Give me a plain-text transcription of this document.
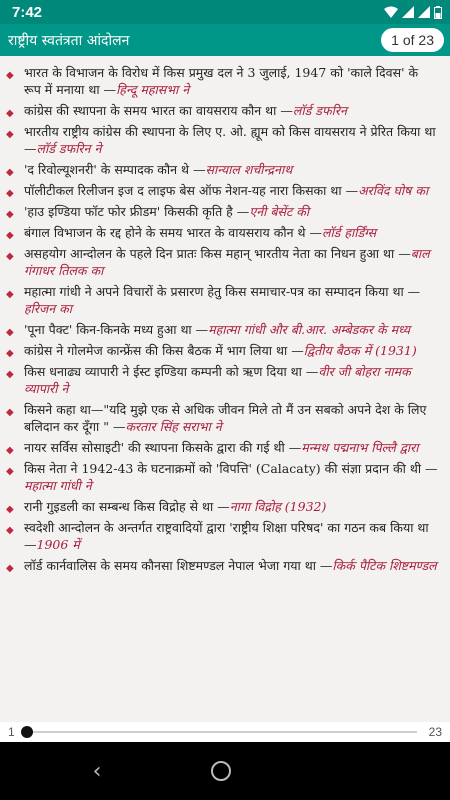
7:42
राष्ट्रीय स्वतंत्रता आंदोलन	1 of 23
◆ भारत के विभाजन के विरोध में किस प्रमुख दल ने 3 जुलाई, 1947 को 'काले दिवस' के रूप में मनाया था —हिन्दू महासभा ने
◆ कांग्रेस की स्थापना के समय भारत का वायसराय कौन था —लॉर्ड डफरिन
◆ भारतीय राष्ट्रीय कांग्रेस की स्थापना के लिए ए. ओ. ह्यूम को किस वायसराय ने प्रेरित किया था —लॉर्ड डफरिन ने
◆ 'द रिवोल्यूशनरी' के सम्पादक कौन थे —सान्याल शचीन्द्रनाथ
◆ पॉलीटीकल रिलीजन इज द लाइफ बेस ऑफ नेशन-यह नारा किसका था —अरविंद घोष का
◆ 'हाउ इण्डिया फॉट फोर फ्रीडम' किसकी कृति है —एनी बेसेंट की
◆ बंगाल विभाजन के रद्द होने के समय भारत के वायसराय कौन थे —लॉर्ड हार्डिंग्स
◆ असहयोग आन्दोलन के पहले दिन प्रातः किस महान् भारतीय नेता का निधन हुआ था —बाल गंगाधर तिलक का
◆ महात्मा गांधी ने अपने विचारों के प्रसारण हेतु किस समाचार-पत्र का सम्पादन किया था —हरिजन का
◆ 'पूना पैक्ट' किन-किनके मध्य हुआ था —महात्मा गांधी और बी.आर. अम्बेडकर के मध्य
◆ कांग्रेस ने गोलमेज कान्फ्रेंस की किस बैठक में भाग लिया था —द्वितीय बैठक में (1931)
◆ किस धनाढ्य व्यापारी ने ईस्ट इण्डिया कम्पनी को ऋण दिया था —वीर जी बोहरा नामक व्यापारी ने
◆ किसने कहा था—"यदि मुझे एक से अधिक जीवन मिले तो मैं उन सबको अपने देश के लिए बलिदान कर दूँगा " —करतार सिंह सराभा ने
◆ नायर सर्विस सोसाइटी' की स्थापना किसके द्वारा की गई थी —मन्मथ पद्मनाभ पिल्लै द्वारा
◆ किस नेता ने 1942-43 के घटनाक्रमों को 'विपत्ति' (Calacaty) की संज्ञा प्रदान की थी —महात्मा गांधी ने
◆ रानी गुइडली का सम्बन्ध किस विद्रोह से था —नागा विद्रोह (1932)
◆ स्वदेशी आन्दोलन के अन्तर्गत राष्ट्रवादियों द्वारा 'राष्ट्रीय शिक्षा परिषद' का गठन कब किया था —1906 में
◆ लॉर्ड कार्नवालिस के समय कौनसा शिष्टमण्डल नेपाल भेजा गया था —किर्क पैटिक शिष्टमण्डल
1	23
‹
